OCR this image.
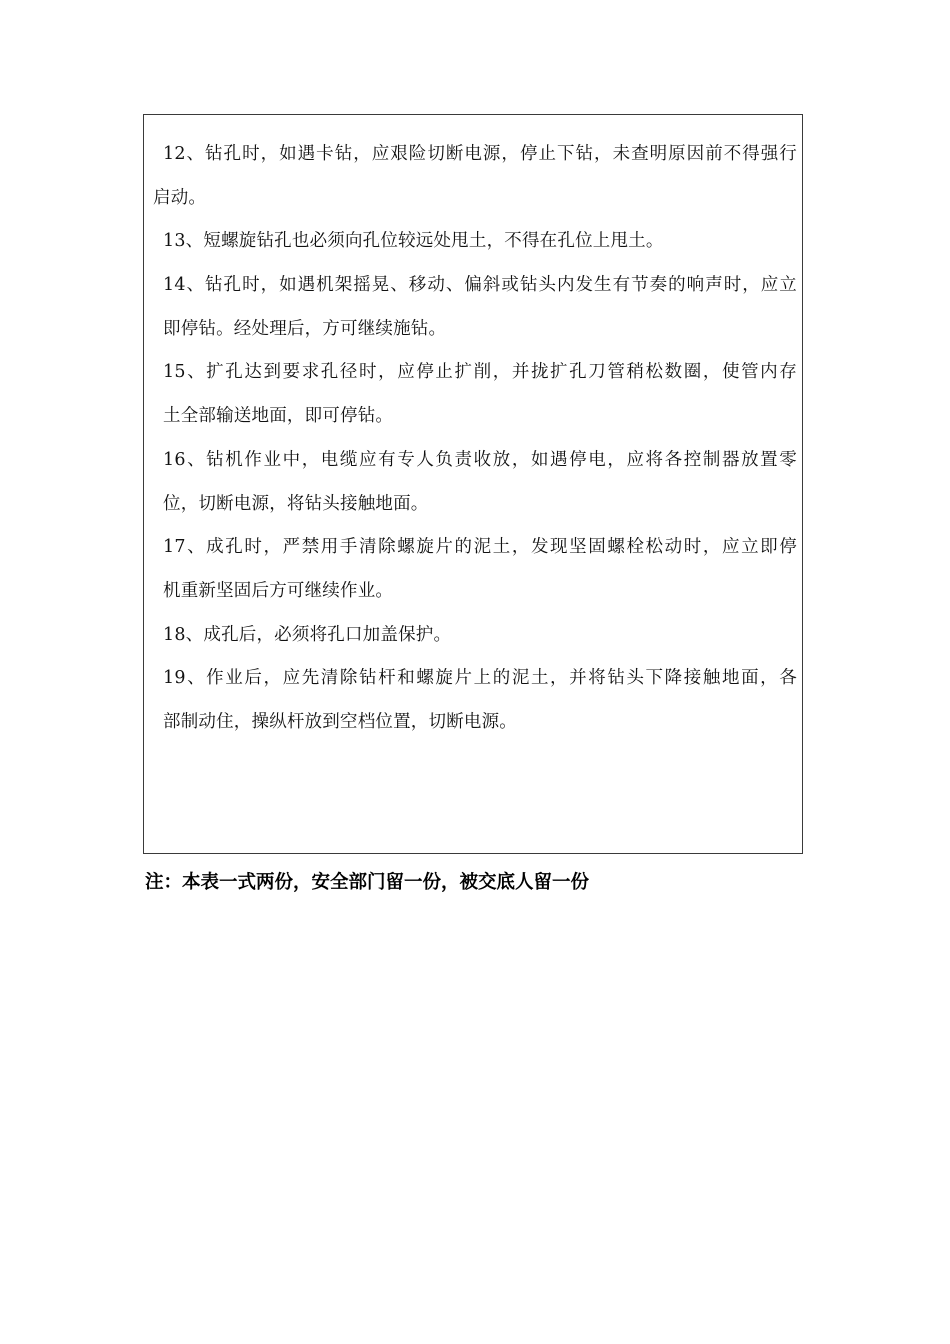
12、钻孔时，如遇卡钻，应艰险切断电源，停止下钻，未查明原因前不得强行
启动。
13、短螺旋钻孔也必须向孔位较远处甩土，不得在孔位上甩土。
14、钻孔时，如遇机架摇晃、移动、偏斜或钻头内发生有节奏的响声时，应立
即停钻。经处理后，方可继续施钻。
15、扩孔达到要求孔径时，应停止扩削，并拢扩孔刀管稍松数圈，使管内存
土全部输送地面，即可停钻。
16、钻机作业中，电缆应有专人负责收放，如遇停电，应将各控制器放置零
位，切断电源，将钻头接触地面。
17、成孔时，严禁用手清除螺旋片的泥土，发现坚固螺栓松动时，应立即停
机重新坚固后方可继续作业。
18、成孔后，必须将孔口加盖保护。
19、作业后，应先清除钻杆和螺旋片上的泥土，并将钻头下降接触地面，各
部制动住，操纵杆放到空档位置，切断电源。
注：本表一式两份，安全部门留一份，被交底人留一份
